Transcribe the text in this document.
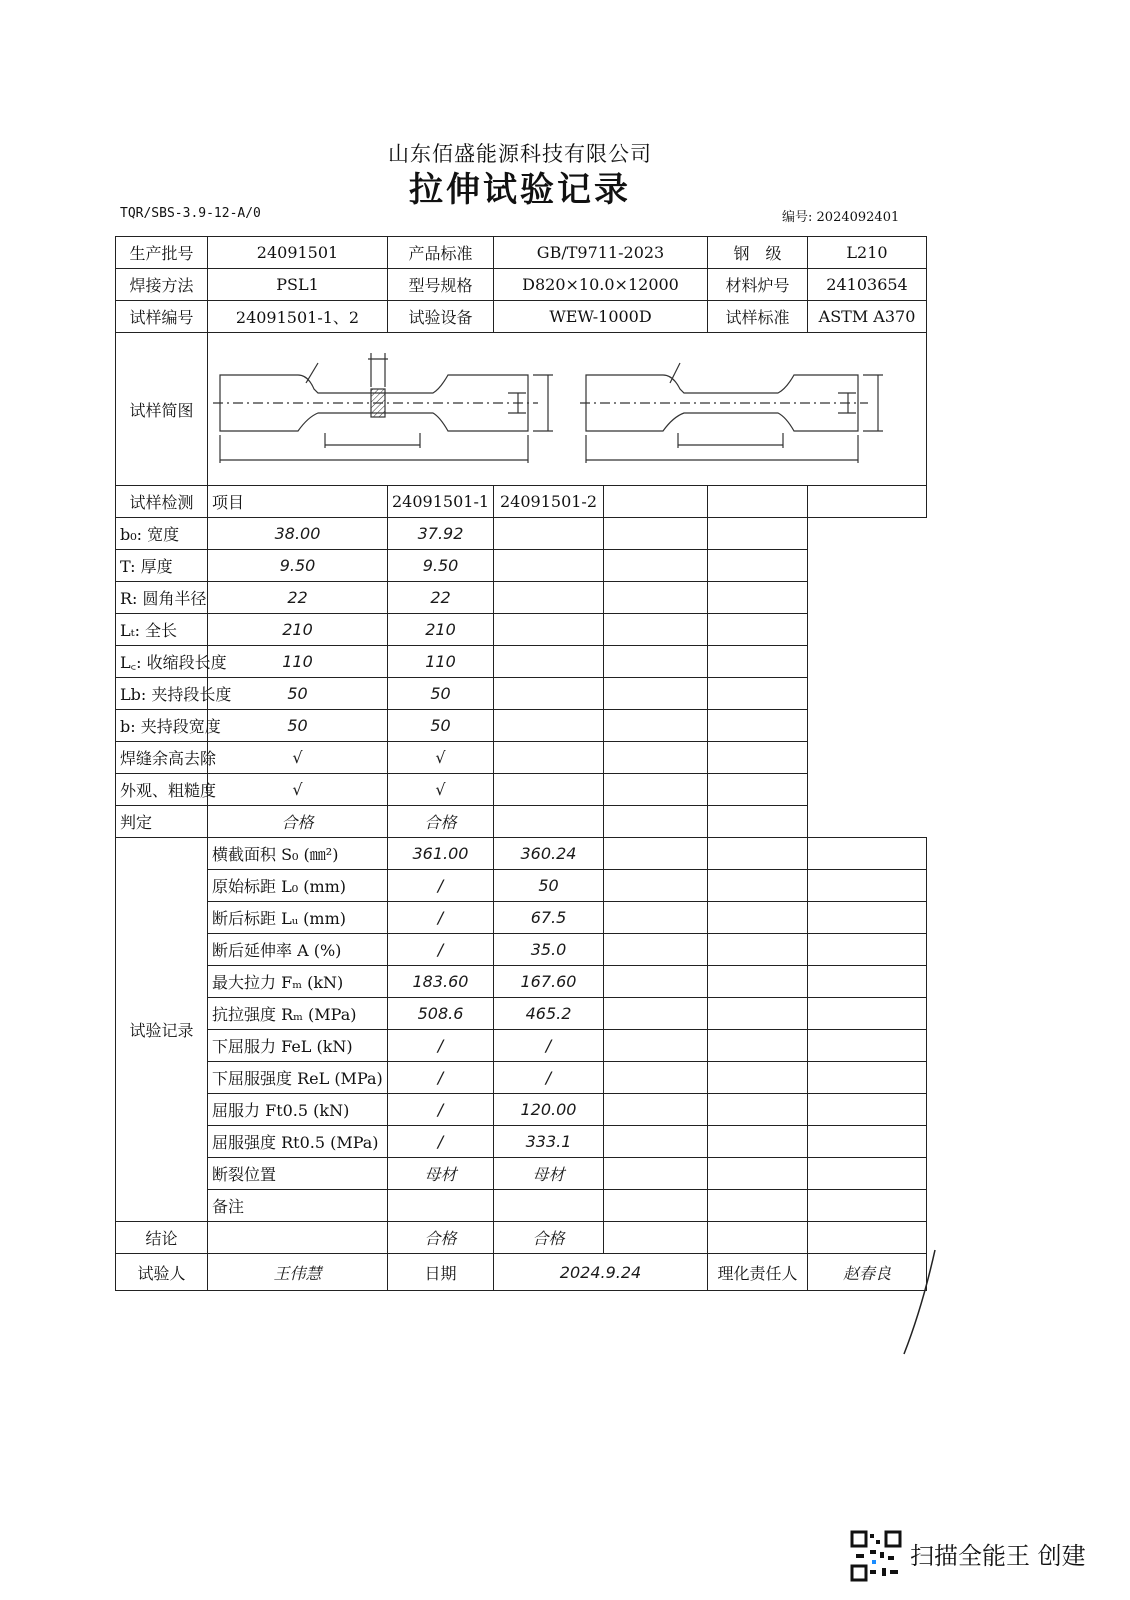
山东佰盛能源科技有限公司
拉伸试验记录
TQR/SBS-3.9-12-A/0	编号: 2024092401
生产批号	24091501	产品标准	GB/T9711-2023		钢　级	L210
焊接方法	PSL1	型号规格	D820×10.0×12000		材料炉号	24103654
试样编号	24091501-1、2	试验设备	WEW-1000D		试样标准	ASTM A370
试样简图	
试样检测	项目	24091501-1	24091501-2			
b₀: 宽度	38.00	37.92				
T: 厚度	9.50	9.50				
R: 圆角半径	22	22				
Lₜ: 全长	210	210				
L꜀: 收缩段长度	110	110				
Lb: 夹持段长度	50	50				
b: 夹持段宽度	50	50				
焊缝余高去除	√	√				
外观、粗糙度	√	√				
判定	合格	合格				
试验记录	横截面积 S₀ (㎜²)	361.00	360.24			
	原始标距 L₀ (mm)	/	50			
	断后标距 Lᵤ (mm)	/	67.5			
	断后延伸率 A (%)	/	35.0			
	最大拉力 Fₘ (kN)	183.60	167.60			
	抗拉强度 Rₘ (MPa)	508.6	465.2			
	下屈服力 FeL (kN)	/	/			
	下屈服强度 ReL (MPa)	/	/			
	屈服力 Ft0.5 (kN)	/	120.00			
	屈服强度 Rt0.5 (MPa)	/	333.1			
	断裂位置	母材	母材			
	备注					
结论		合格	合格			
试验人	王伟慧	日期	2024.9.24		理化责任人	赵春良
扫描全能王 创建
